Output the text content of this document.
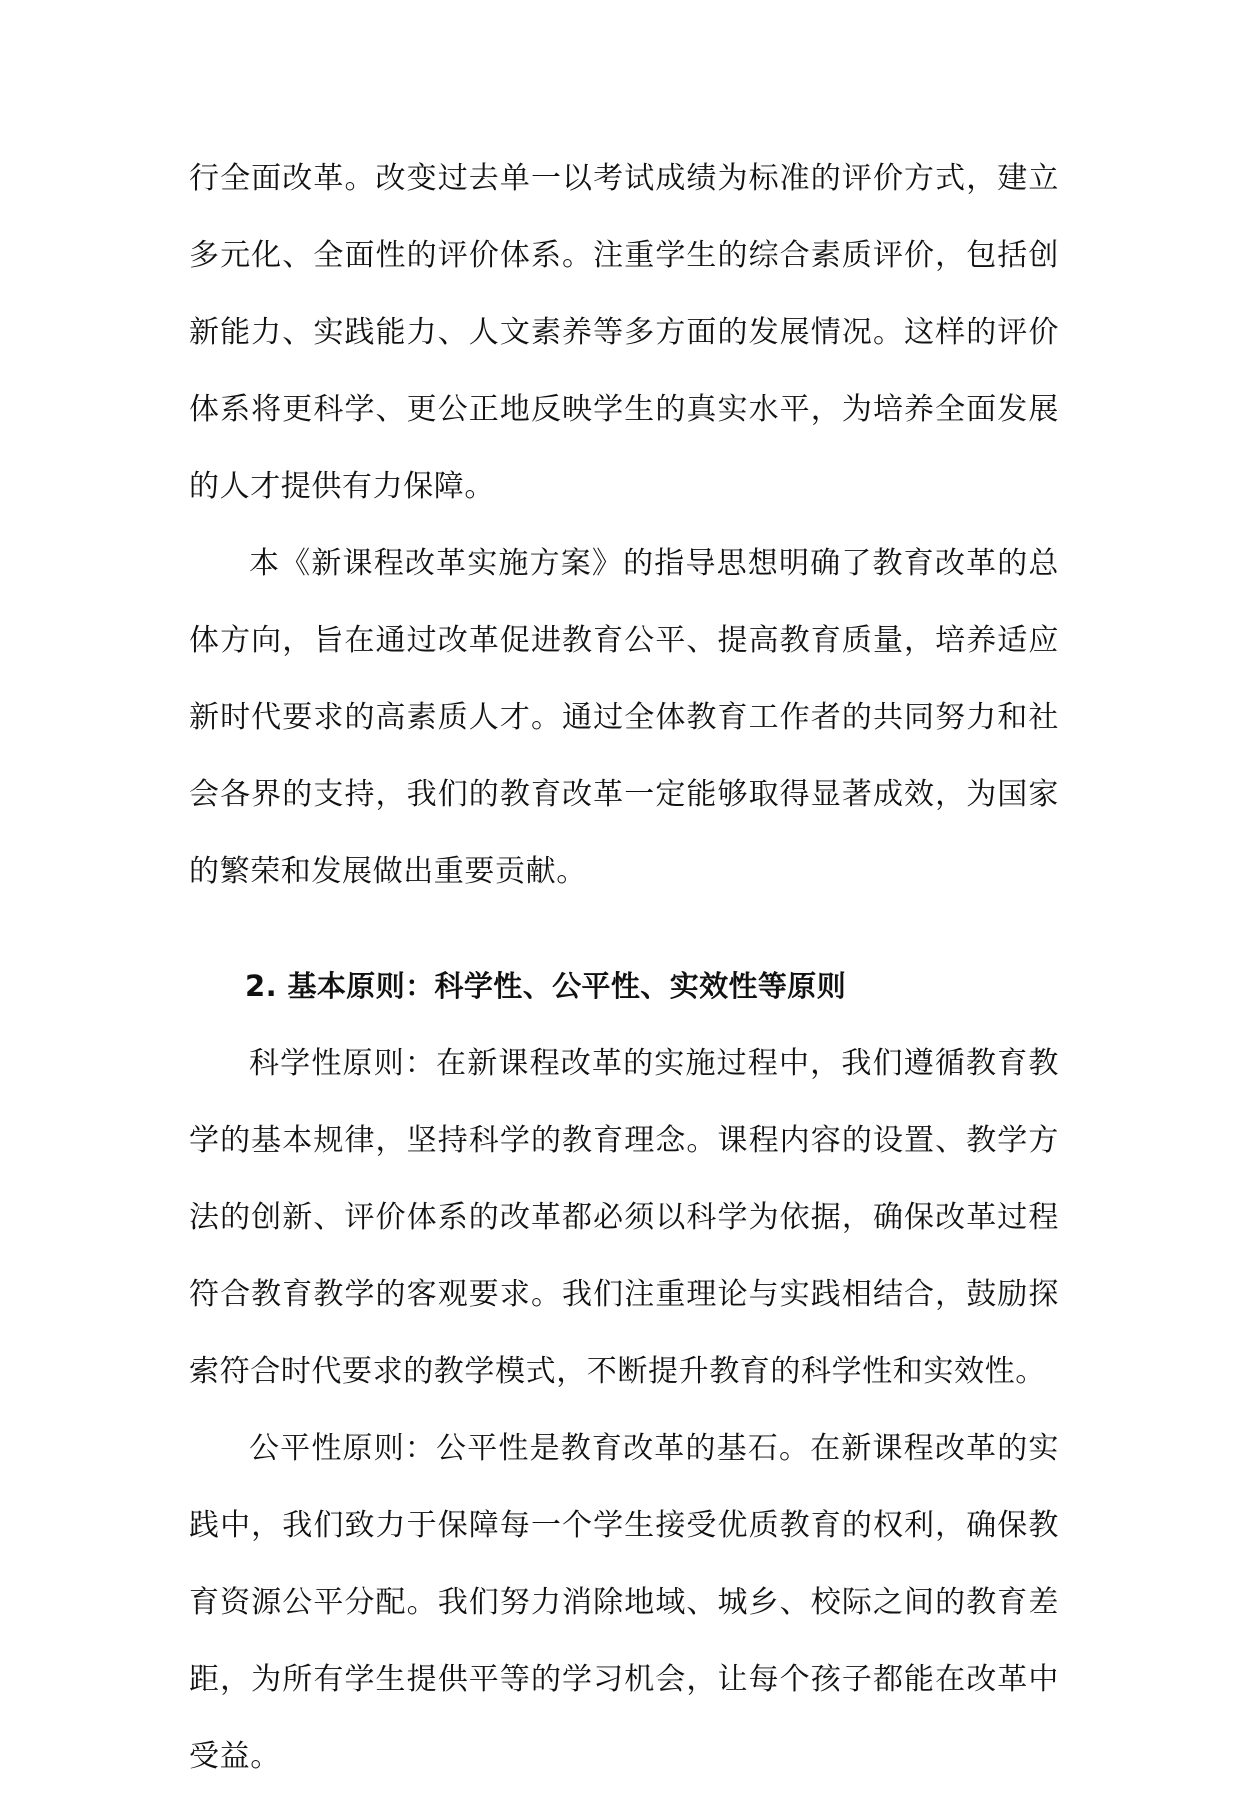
行全面改革。改变过去单一以考试成绩为标准的评价方式，建立多元化、全面性的评价体系。注重学生的综合素质评价，包括创新能力、实践能力、人文素养等多方面的发展情况。这样的评价体系将更科学、更公正地反映学生的真实水平，为培养全面发展的人才提供有力保障。

本《新课程改革实施方案》的指导思想明确了教育改革的总体方向，旨在通过改革促进教育公平、提高教育质量，培养适应新时代要求的高素质人才。通过全体教育工作者的共同努力和社会各界的支持，我们的教育改革一定能够取得显著成效，为国家的繁荣和发展做出重要贡献。

2. 基本原则：科学性、公平性、实效性等原则

科学性原则：在新课程改革的实施过程中，我们遵循教育教学的基本规律，坚持科学的教育理念。课程内容的设置、教学方法的创新、评价体系的改革都必须以科学为依据，确保改革过程符合教育教学的客观要求。我们注重理论与实践相结合，鼓励探索符合时代要求的教学模式，不断提升教育的科学性和实效性。

公平性原则：公平性是教育改革的基石。在新课程改革的实践中，我们致力于保障每一个学生接受优质教育的权利，确保教育资源公平分配。我们努力消除地域、城乡、校际之间的教育差距，为所有学生提供平等的学习机会，让每个孩子都能在改革中受益。
